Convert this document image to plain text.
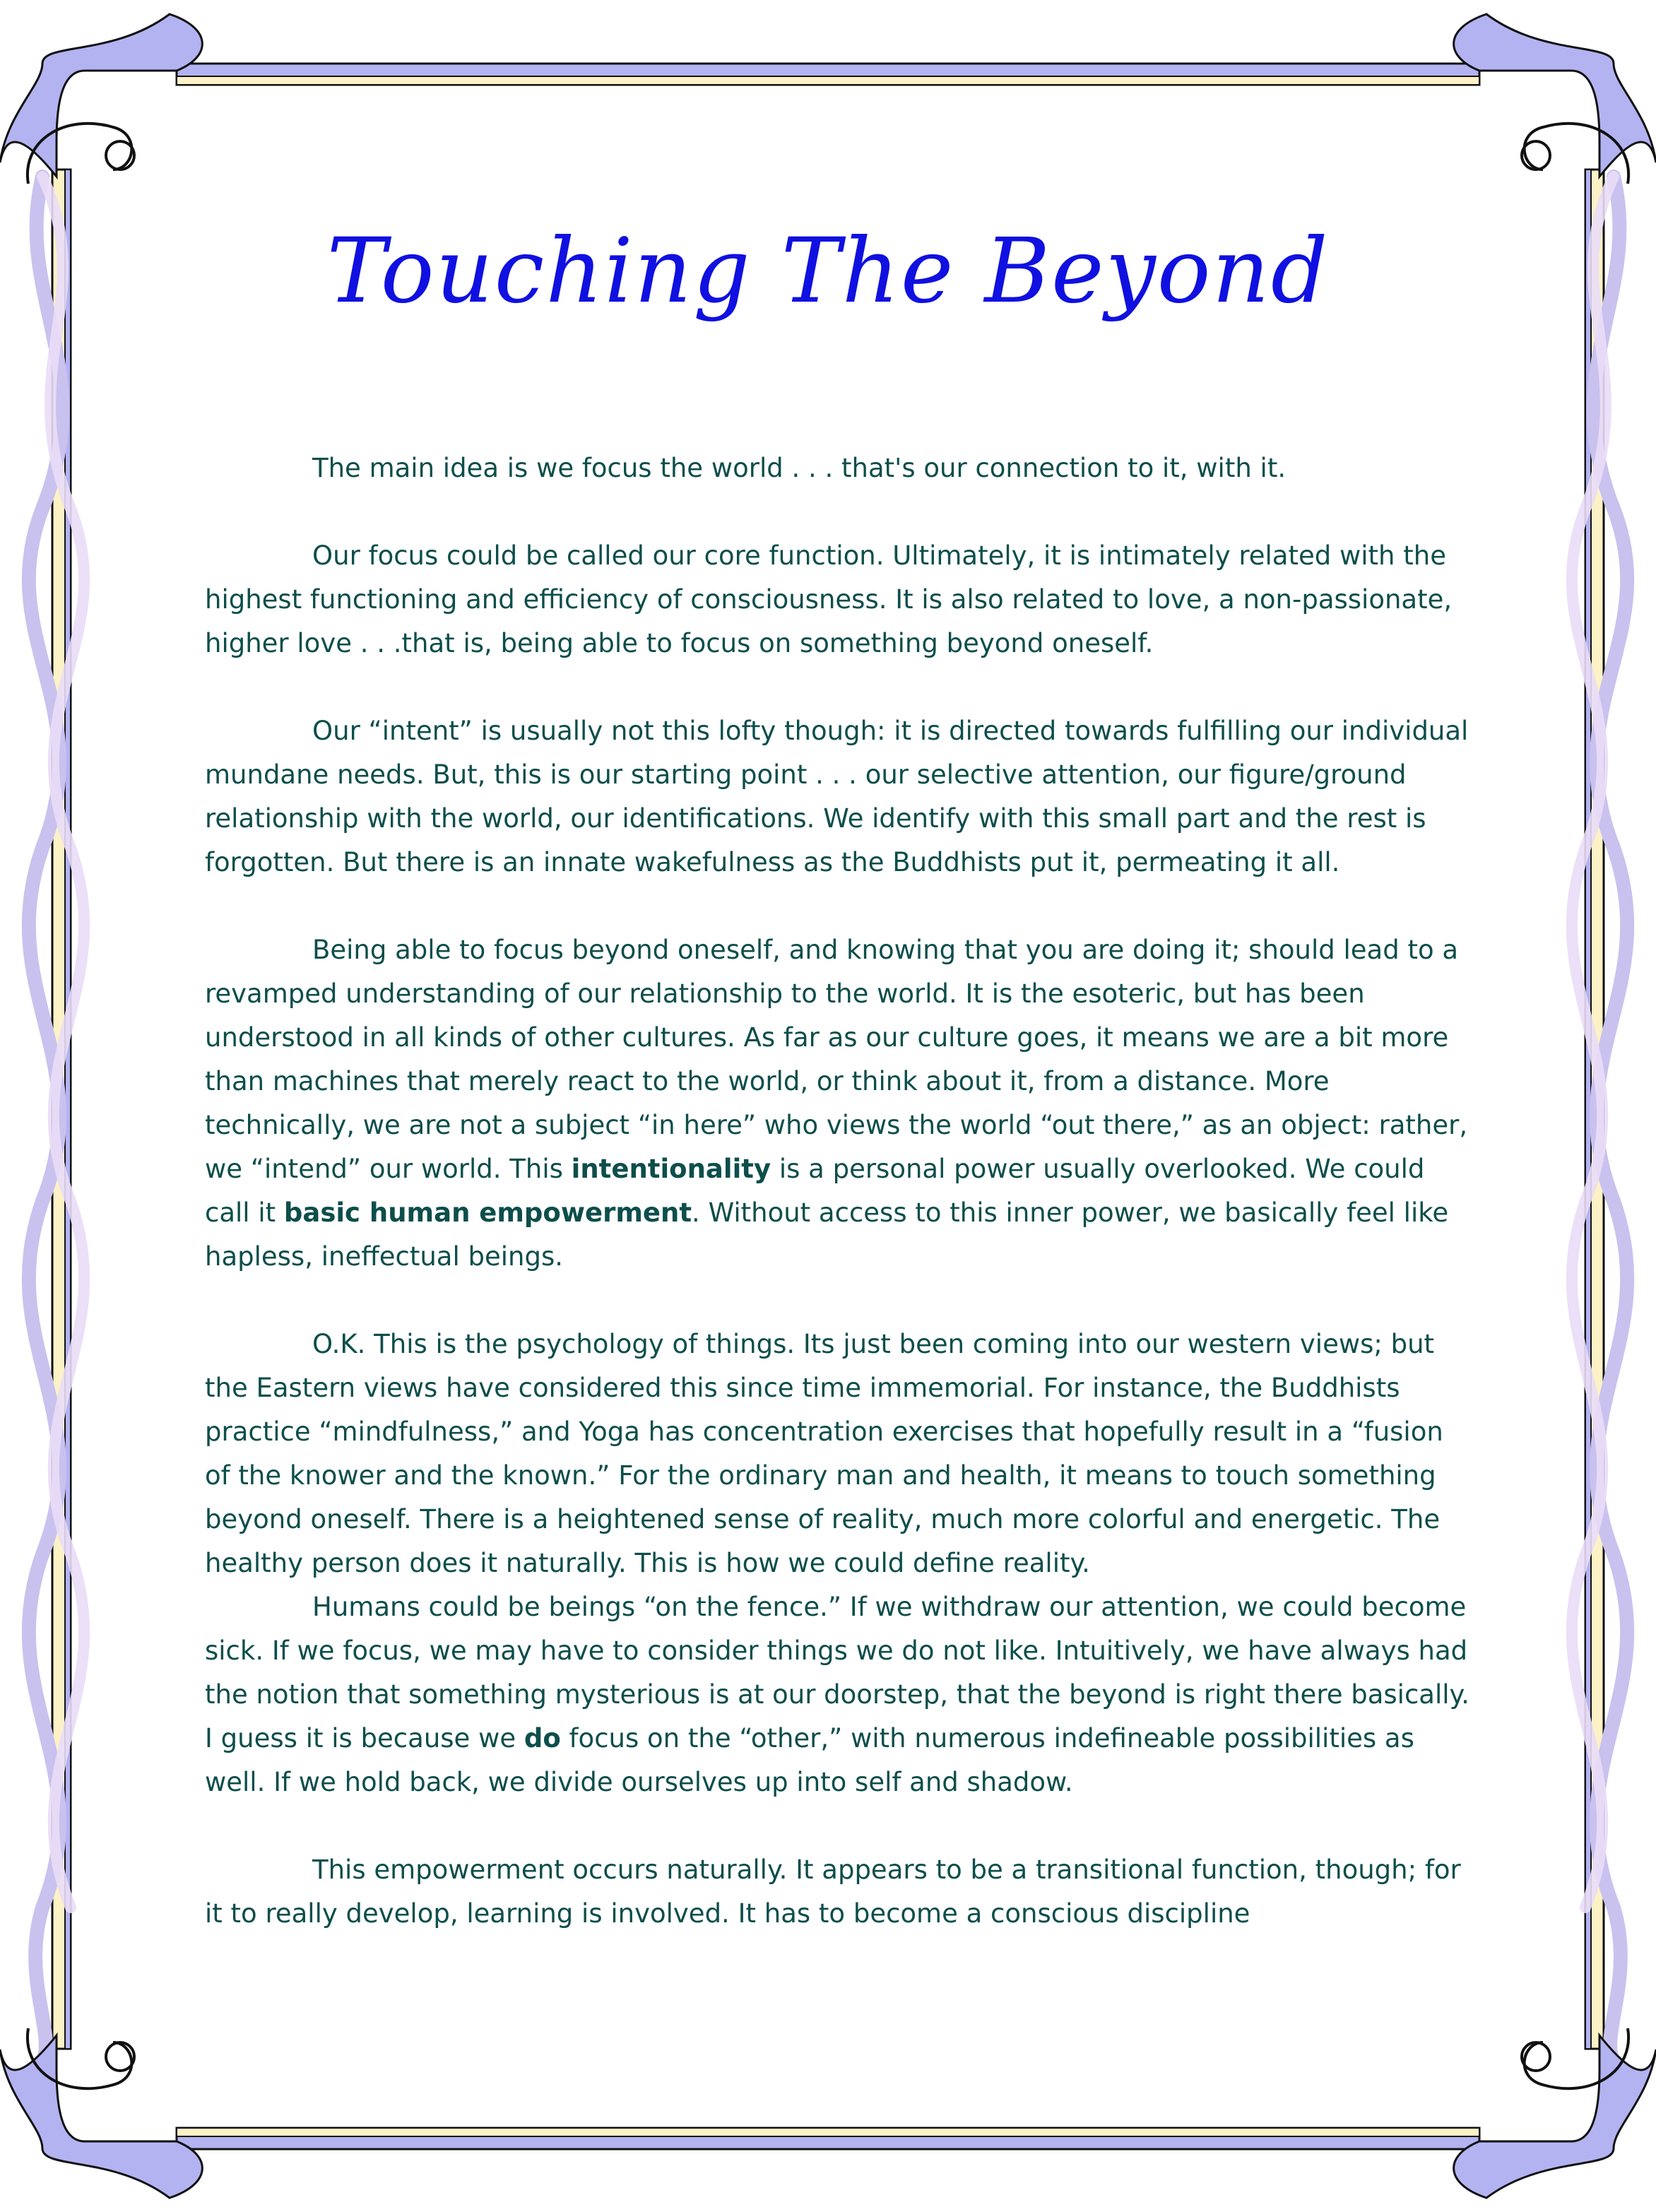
Touching The Beyond

The main idea is we focus the world . . . that's our connection to it, with it.

Our focus could be called our core function. Ultimately, it is intimately related with the highest functioning and efficiency of consciousness. It is also related to love, a non-passionate, higher love . . .that is, being able to focus on something beyond oneself.

Our “intent” is usually not this lofty though: it is directed towards fulfilling our individual mundane needs. But, this is our starting point . . . our selective attention, our figure/ground relationship with the world, our identifications. We identify with this small part and the rest is forgotten. But there is an innate wakefulness as the Buddhists put it, permeating it all.

Being able to focus beyond oneself, and knowing that you are doing it; should lead to a revamped understanding of our relationship to the world. It is the esoteric, but has been understood in all kinds of other cultures. As far as our culture goes, it means we are a bit more than machines that merely react to the world, or think about it, from a distance. More technically, we are not a subject “in here” who views the world “out there,” as an object: rather, we “intend” our world. This intentionality is a personal power usually overlooked. We could call it basic human empowerment. Without access to this inner power, we basically feel like hapless, ineffectual beings.

O.K. This is the psychology of things. Its just been coming into our western views; but the Eastern views have considered this since time immemorial. For instance, the Buddhists practice “mindfulness,” and Yoga has concentration exercises that hopefully result in a “fusion of the knower and the known.” For the ordinary man and health, it means to touch something beyond oneself. There is a heightened sense of reality, much more colorful and energetic. The healthy person does it naturally. This is how we could define reality.

Humans could be beings “on the fence.” If we withdraw our attention, we could become sick. If we focus, we may have to consider things we do not like. Intuitively, we have always had the notion that something mysterious is at our doorstep, that the beyond is right there basically. I guess it is because we do focus on the “other,” with numerous indefineable possibilities as well. If we hold back, we divide ourselves up into self and shadow.

This empowerment occurs naturally. It appears to be a transitional function, though; for it to really develop, learning is involved. It has to become a conscious discipline
